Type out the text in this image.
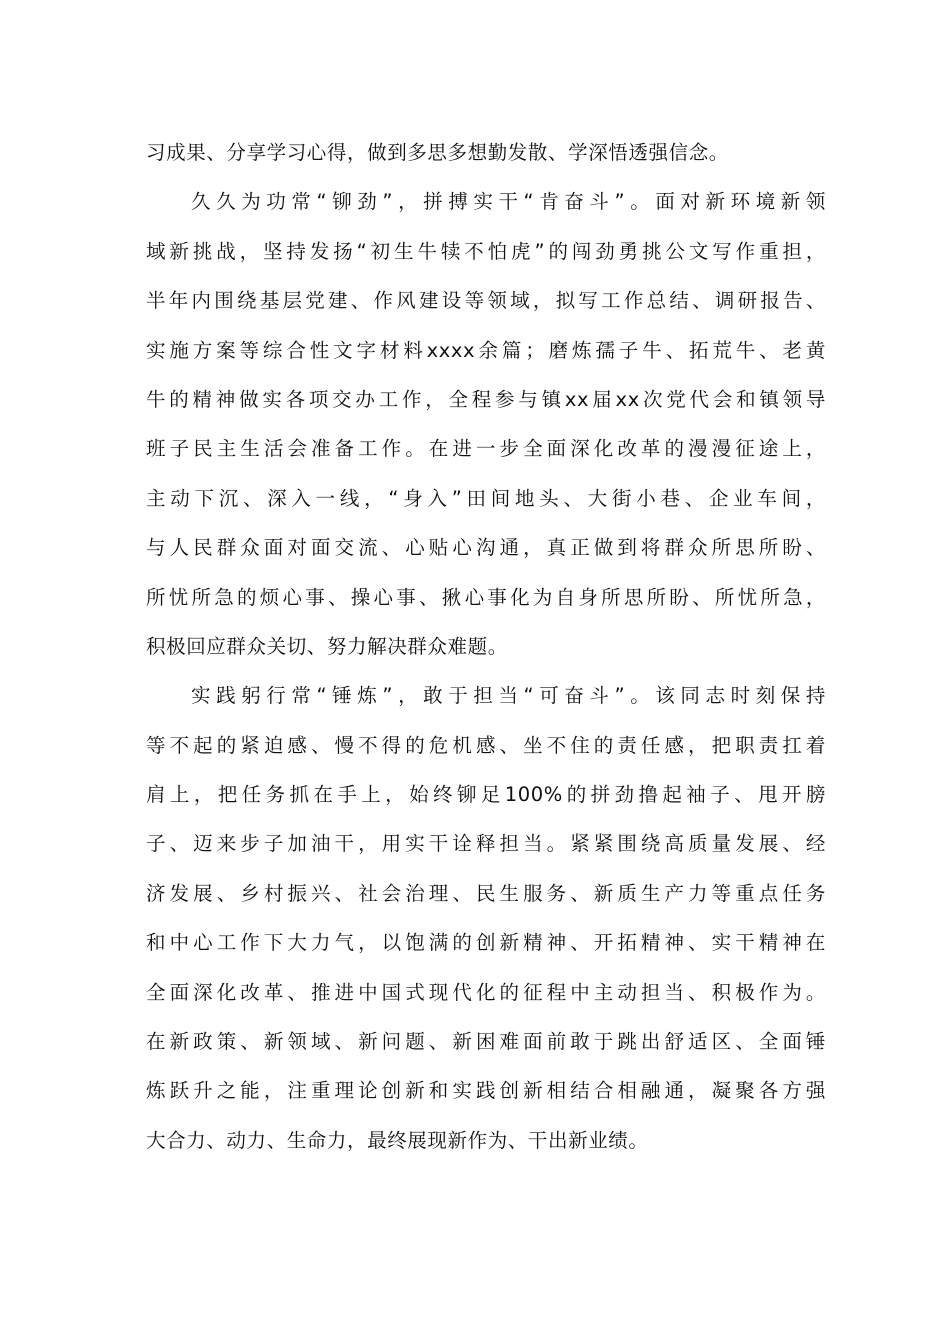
习成果、分享学习心得，做到多思多想勤发散、学深悟透强信念。
久久为功常“铆劲”，拼搏实干“肯奋斗”。面对新环境新领
域新挑战，坚持发扬“初生牛犊不怕虎”的闯劲勇挑公文写作重担，
半年内围绕基层党建、作风建设等领域，拟写工作总结、调研报告、
实施方案等综合性文字材料xxxx余篇；磨炼孺子牛、拓荒牛、老黄
牛的精神做实各项交办工作，全程参与镇xx届xx次党代会和镇领导
班子民主生活会准备工作。在进一步全面深化改革的漫漫征途上，
主动下沉、深入一线，“身入”田间地头、大街小巷、企业车间，
与人民群众面对面交流、心贴心沟通，真正做到将群众所思所盼、
所忧所急的烦心事、操心事、揪心事化为自身所思所盼、所忧所急，
积极回应群众关切、努力解决群众难题。
实践躬行常“锤炼”，敢于担当“可奋斗”。该同志时刻保持
等不起的紧迫感、慢不得的危机感、坐不住的责任感，把职责扛着
肩上，把任务抓在手上，始终铆足100%的拼劲撸起袖子、甩开膀
子、迈来步子加油干，用实干诠释担当。紧紧围绕高质量发展、经
济发展、乡村振兴、社会治理、民生服务、新质生产力等重点任务
和中心工作下大力气，以饱满的创新精神、开拓精神、实干精神在
全面深化改革、推进中国式现代化的征程中主动担当、积极作为。
在新政策、新领域、新问题、新困难面前敢于跳出舒适区、全面锤
炼跃升之能，注重理论创新和实践创新相结合相融通，凝聚各方强
大合力、动力、生命力，最终展现新作为、干出新业绩。
